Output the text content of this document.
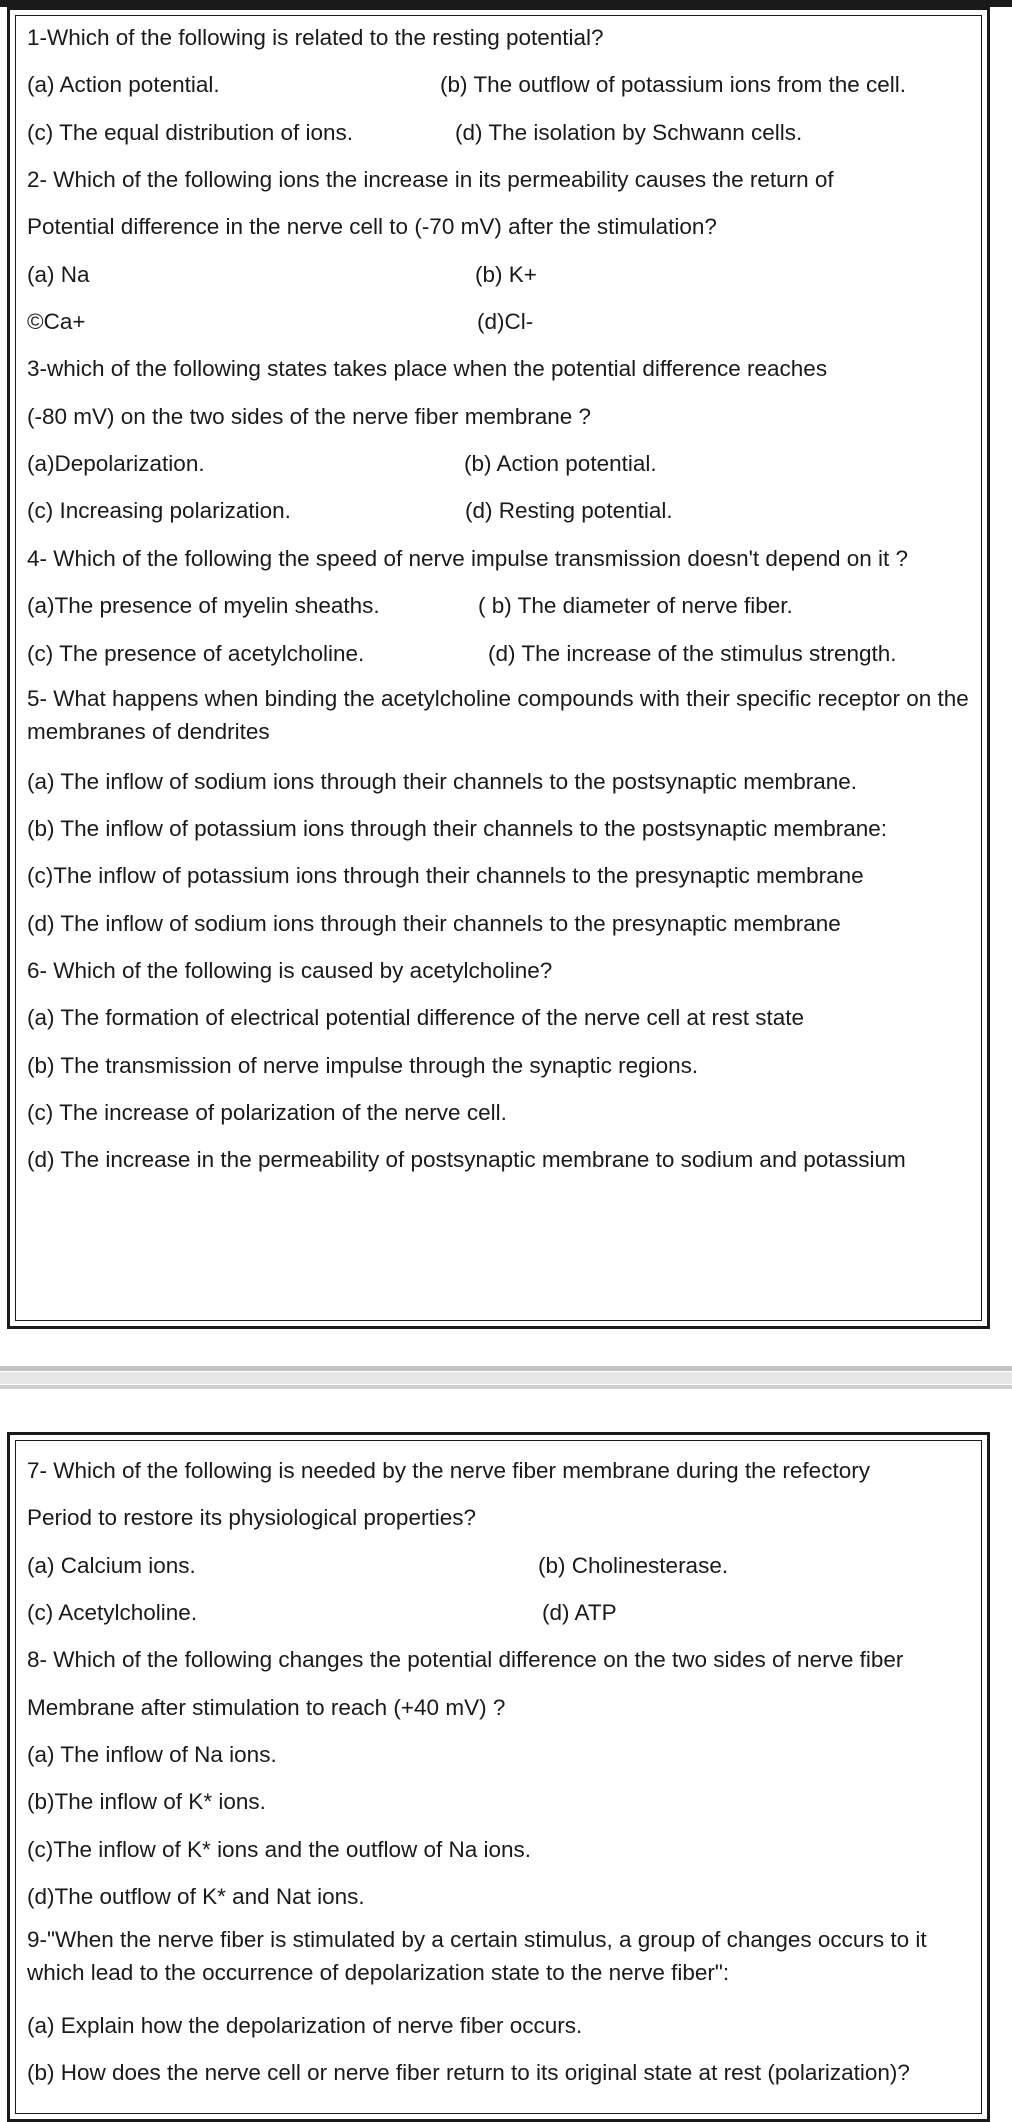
1-Which of the following is related to the resting potential?

(a) Action potential.	(b) The outflow of potassium ions from the cell.

(c) The equal distribution of ions.	(d) The isolation by Schwann cells.

2- Which of the following ions the increase in its permeability causes the return of

Potential difference in the nerve cell to (-70 mV) after the stimulation?

(a) Na	(b) K+

©Ca+	(d)Cl-

3-which of the following states takes place when the potential difference reaches

(-80 mV) on the two sides of the nerve fiber membrane ?

(a)Depolarization.	(b) Action potential.

(c) Increasing polarization.	(d) Resting potential.

4- Which of the following the speed of nerve impulse transmission doesn't depend on it ?

(a)The presence of myelin sheaths.	( b) The diameter of nerve fiber.

(c) The presence of acetylcholine.	(d) The increase of the stimulus strength.

5- What happens when binding the acetylcholine compounds with their specific receptor on the membranes of dendrites

(a) The inflow of sodium ions through their channels to the postsynaptic membrane.

(b) The inflow of potassium ions through their channels to the postsynaptic membrane:

(c)The inflow of potassium ions through their channels to the presynaptic membrane

(d) The inflow of sodium ions through their channels to the presynaptic membrane

6- Which of the following is caused by acetylcholine?

(a) The formation of electrical potential difference of the nerve cell at rest state

(b) The transmission of nerve impulse through the synaptic regions.

(c) The increase of polarization of the nerve cell.

(d) The increase in the permeability of postsynaptic membrane to sodium and potassium

7- Which of the following is needed by the nerve fiber membrane during the refectory

Period to restore its physiological properties?

(a) Calcium ions.	(b) Cholinesterase.

(c) Acetylcholine.	(d) ATP

8- Which of the following changes the potential difference on the two sides of nerve fiber

Membrane after stimulation to reach (+40 mV) ?

(a) The inflow of Na ions.

(b)The inflow of K* ions.

(c)The inflow of K* ions and the outflow of Na ions.

(d)The outflow of K* and Nat ions.

9-"When the nerve fiber is stimulated by a certain stimulus, a group of changes occurs to it which lead to the occurrence of depolarization state to the nerve fiber":

(a) Explain how the depolarization of nerve fiber occurs.

(b) How does the nerve cell or nerve fiber return to its original state at rest (polarization)?
